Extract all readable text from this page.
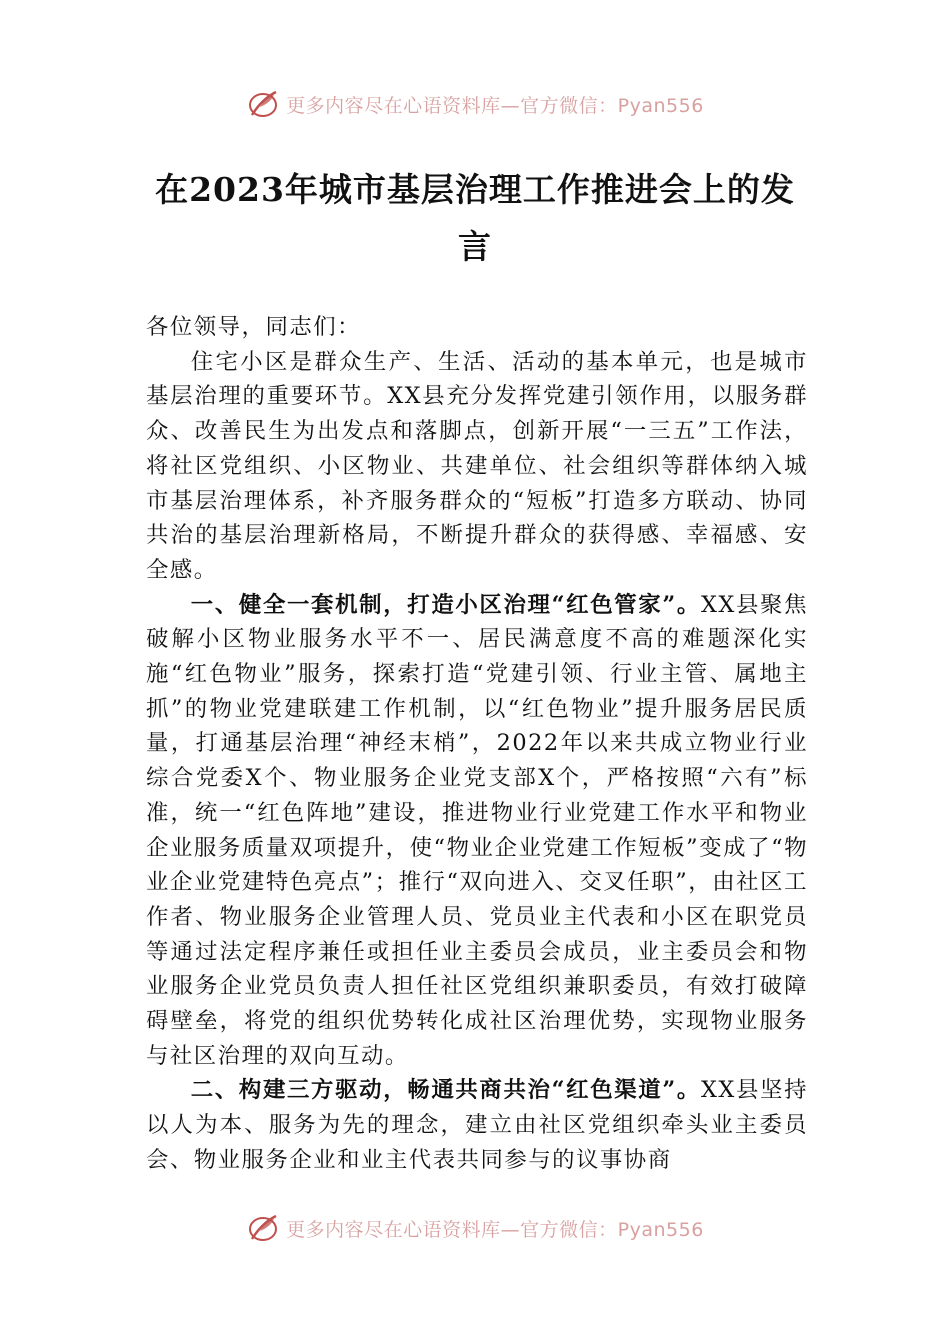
更多内容尽在心语资料库—官方微信：Pyan556
在2023年城市基层治理工作推进会上的发
言

各位领导，同志们：

住宅小区是群众生产、生活、活动的基本单元，也是城市基层治理的重要环节。XX县充分发挥党建引领作用，以服务群众、改善民生为出发点和落脚点，创新开展“一三五”工作法，将社区党组织、小区物业、共建单位、社会组织等群体纳入城市基层治理体系，补齐服务群众的“短板”打造多方联动、协同共治的基层治理新格局，不断提升群众的获得感、幸福感、安全感。

一、健全一套机制，打造小区治理“红色管家”。XX县聚焦破解小区物业服务水平不一、居民满意度不高的难题深化实施“红色物业”服务，探索打造“党建引领、行业主管、属地主抓”的物业党建联建工作机制，以“红色物业”提升服务居民质量，打通基层治理“神经末梢”，2022年以来共成立物业行业综合党委X个、物业服务企业党支部X个，严格按照“六有”标准，统一“红色阵地”建设，推进物业行业党建工作水平和物业企业服务质量双项提升，使“物业企业党建工作短板”变成了“物业企业党建特色亮点”；推行“双向进入、交叉任职”，由社区工作者、物业服务企业管理人员、党员业主代表和小区在职党员等通过法定程序兼任或担任业主委员会成员，业主委员会和物业服务企业党员负责人担任社区党组织兼职委员，有效打破障碍壁垒，将党的组织优势转化成社区治理优势，实现物业服务与社区治理的双向互动。

二、构建三方驱动，畅通共商共治“红色渠道”。XX县坚持以人为本、服务为先的理念，建立由社区党组织牵头业主委员会、物业服务企业和业主代表共同参与的议事协商

更多内容尽在心语资料库—官方微信：Pyan556
